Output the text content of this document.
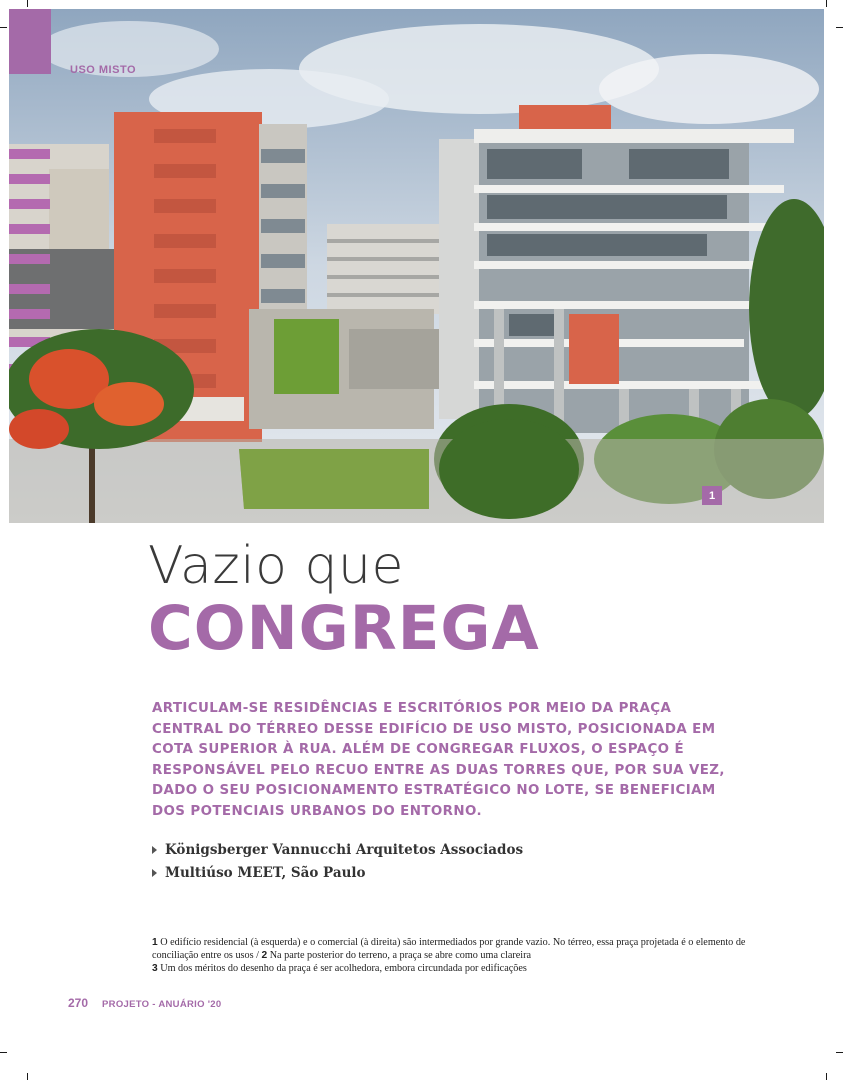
USO MISTO
1
Vazio que
CONGREGA

ARTICULAM-SE RESIDÊNCIAS E ESCRITÓRIOS POR MEIO DA PRAÇA CENTRAL DO TÉRREO DESSE EDIFÍCIO DE USO MISTO, POSICIONADA EM COTA SUPERIOR À RUA. ALÉM DE CONGREGAR FLUXOS, O ESPAÇO É RESPONSÁVEL PELO RECUO ENTRE AS DUAS TORRES QUE, POR SUA VEZ, DADO O SEU POSICIONAMENTO ESTRATÉGICO NO LOTE, SE BENEFICIAM DOS POTENCIAIS URBANOS DO ENTORNO.

Königsberger Vannucchi Arquitetos Associados
Multiúso MEET, São Paulo
1 O edifício residencial (à esquerda) e o comercial (à direita) são intermediados por grande vazio. No térreo, essa praça projetada é o elemento de conciliação entre os usos / 2 Na parte posterior do terreno, a praça se abre como uma clareira
3 Um dos méritos do desenho da praça é ser acolhedora, embora circundada por edificações
270 PROJETO - ANUÁRIO '20
